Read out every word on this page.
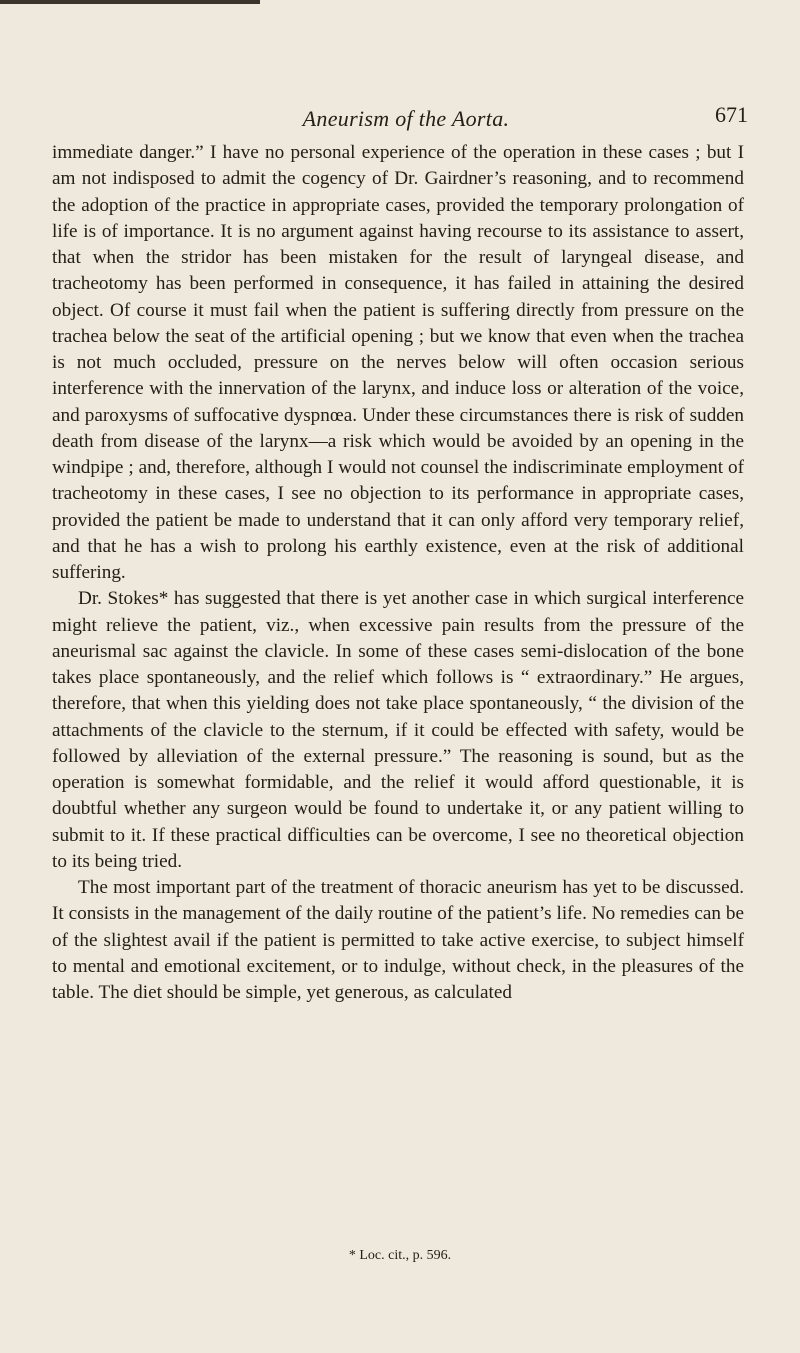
Aneurism of the Aorta.	671

immediate danger.” I have no personal experience of the operation in these cases ; but I am not indisposed to admit the cogency of Dr. Gairdner’s reasoning, and to recommend the adoption of the practice in appropriate cases, provided the temporary prolongation of life is of importance. It is no argument against having recourse to its assistance to assert, that when the stridor has been mistaken for the result of laryngeal disease, and tracheotomy has been performed in consequence, it has failed in attaining the desired object. Of course it must fail when the patient is suffering directly from pressure on the trachea below the seat of the artificial opening ; but we know that even when the trachea is not much occluded, pressure on the nerves below will often occasion serious interference with the innervation of the larynx, and induce loss or alteration of the voice, and paroxysms of suffocative dyspnœa. Under these circumstances there is risk of sudden death from disease of the larynx—a risk which would be avoided by an opening in the windpipe ; and, therefore, although I would not counsel the indiscriminate employment of tracheotomy in these cases, I see no objection to its performance in appropriate cases, provided the patient be made to understand that it can only afford very temporary relief, and that he has a wish to prolong his earthly existence, even at the risk of additional suffering.

Dr. Stokes* has suggested that there is yet another case in which surgical interference might relieve the patient, viz., when excessive pain results from the pressure of the aneurismal sac against the clavicle. In some of these cases semi-dislocation of the bone takes place spontaneously, and the relief which follows is “ extraordinary.” He argues, therefore, that when this yielding does not take place spontaneously, “ the division of the attachments of the clavicle to the sternum, if it could be effected with safety, would be followed by alleviation of the external pressure.” The reasoning is sound, but as the operation is somewhat formidable, and the relief it would afford questionable, it is doubtful whether any surgeon would be found to undertake it, or any patient willing to submit to it. If these practical difficulties can be overcome, I see no theoretical objection to its being tried.

The most important part of the treatment of thoracic aneurism has yet to be discussed. It consists in the management of the daily routine of the patient’s life. No remedies can be of the slightest avail if the patient is permitted to take active exercise, to subject himself to mental and emotional excitement, or to indulge, without check, in the pleasures of the table. The diet should be simple, yet generous, as calculated

* Loc. cit., p. 596.
